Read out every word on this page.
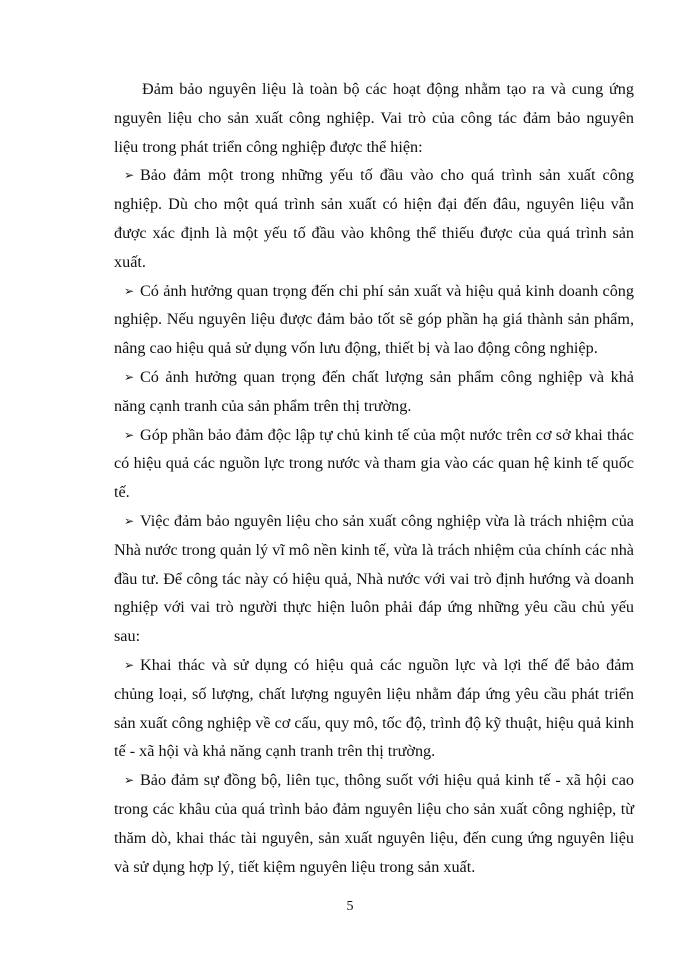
Đảm bảo nguyên liệu là toàn bộ các hoạt động nhằm tạo ra và cung ứng nguyên liệu cho sản xuất công nghiệp. Vai trò của công tác đảm bảo nguyên liệu trong phát triển công nghiệp được thể hiện:

➢ Bảo đảm một trong những yếu tố đầu vào cho quá trình sản xuất công nghiệp. Dù cho một quá trình sản xuất có hiện đại đến đâu, nguyên liệu vẫn được xác định là một yếu tố đầu vào không thể thiếu được của quá trình sản xuất.

➢ Có ảnh hưởng quan trọng đến chi phí sản xuất và hiệu quả kinh doanh công nghiệp. Nếu nguyên liệu được đảm bảo tốt sẽ góp phần hạ giá thành sản phẩm, nâng cao hiệu quả sử dụng vốn lưu động, thiết bị và lao động công nghiệp.

➢ Có ảnh hưởng quan trọng đến chất lượng sản phẩm công nghiệp và khả năng cạnh tranh của sản phẩm trên thị trường.

➢ Góp phần bảo đảm độc lập tự chủ kinh tế của một nước trên cơ sở khai thác có hiệu quả các nguồn lực trong nước và tham gia vào các quan hệ kinh tế quốc tế.

➢ Việc đảm bảo nguyên liệu cho sản xuất công nghiệp vừa là trách nhiệm của Nhà nước trong quản lý vĩ mô nền kinh tế, vừa là trách nhiệm của chính các nhà đầu tư. Để công tác này có hiệu quả, Nhà nước với vai trò định hướng và doanh nghiệp với vai trò người thực hiện luôn phải đáp ứng những yêu cầu chủ yếu sau:

➢ Khai thác và sử dụng có hiệu quả các nguồn lực và lợi thế để bảo đảm chủng loại, số lượng, chất lượng nguyên liệu nhằm đáp ứng yêu cầu phát triển sản xuất công nghiệp về cơ cấu, quy mô, tốc độ, trình độ kỹ thuật, hiệu quả kinh tế - xã hội và khả năng cạnh tranh trên thị trường.

➢ Bảo đảm sự đồng bộ, liên tục, thông suốt với hiệu quả kinh tế - xã hội cao trong các khâu của quá trình bảo đảm nguyên liệu cho sản xuất công nghiệp, từ thăm dò, khai thác tài nguyên, sản xuất nguyên liệu, đến cung ứng nguyên liệu và sử dụng hợp lý, tiết kiệm nguyên liệu trong sản xuất.

5
